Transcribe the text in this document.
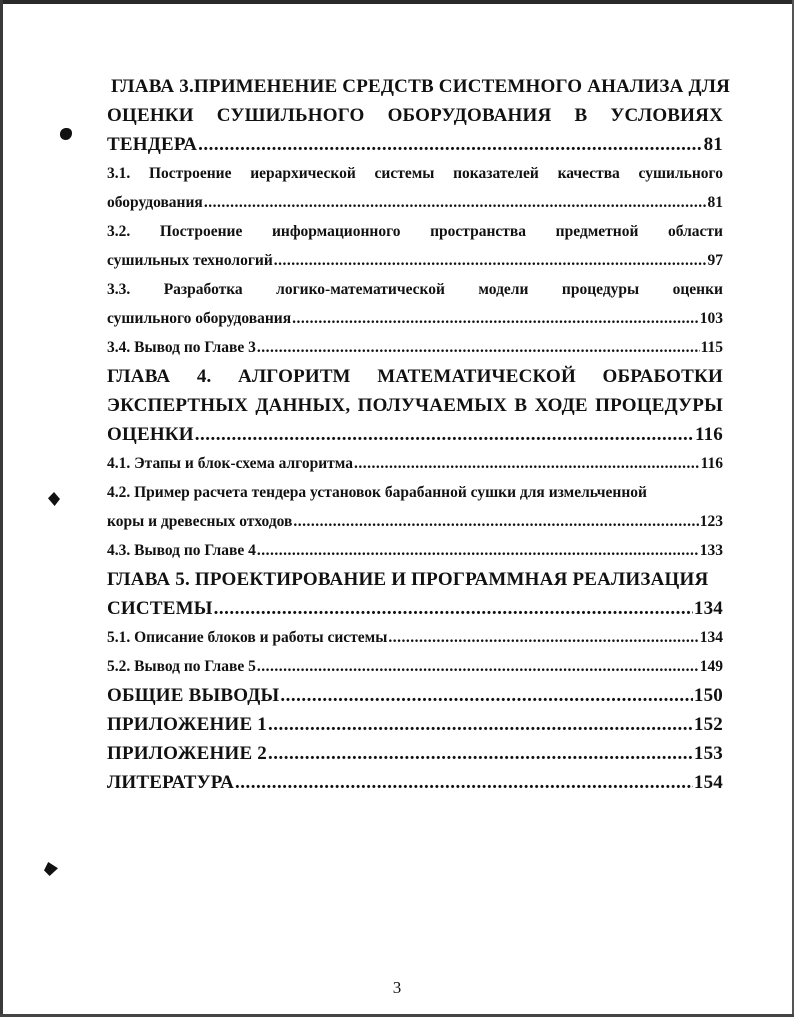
ГЛАВА 3. ПРИМЕНЕНИЕ СРЕДСТВ СИСТЕМНОГО АНАЛИЗА ДЛЯ
ОЦЕНКИ СУШИЛЬНОГО ОБОРУДОВАНИЯ В УСЛОВИЯХ
ТЕНДЕРА .....	81
3.1. Построение иерархической системы показателей качества сушильного
оборудования .....	81
3.2. Построение информационного пространства предметной области
сушильных технологий .....	97
3.3. Разработка логико-математической модели процедуры оценки
сушильного оборудования .....	103
3.4. Вывод по Главе 3 .....	115
ГЛАВА 4. АЛГОРИТМ МАТЕМАТИЧЕСКОЙ ОБРАБОТКИ
ЭКСПЕРТНЫХ ДАННЫХ, ПОЛУЧАЕМЫХ В ХОДЕ ПРОЦЕДУРЫ
ОЦЕНКИ .....	116
4.1. Этапы и блок-схема алгоритма .....	116
4.2. Пример расчета тендера установок барабанной сушки для измельченной
коры и древесных отходов .....	123
4.3. Вывод по Главе 4 .....	133
ГЛАВА 5. ПРОЕКТИРОВАНИЕ И ПРОГРАММНАЯ РЕАЛИЗАЦИЯ
СИСТЕМЫ .....	134
5.1. Описание блоков и работы системы .....	134
5.2. Вывод по Главе 5 .....	149
ОБЩИЕ ВЫВОДЫ .....	150
ПРИЛОЖЕНИЕ 1 .....	152
ПРИЛОЖЕНИЕ 2 .....	153
ЛИТЕРАТУРА .....	154
3
